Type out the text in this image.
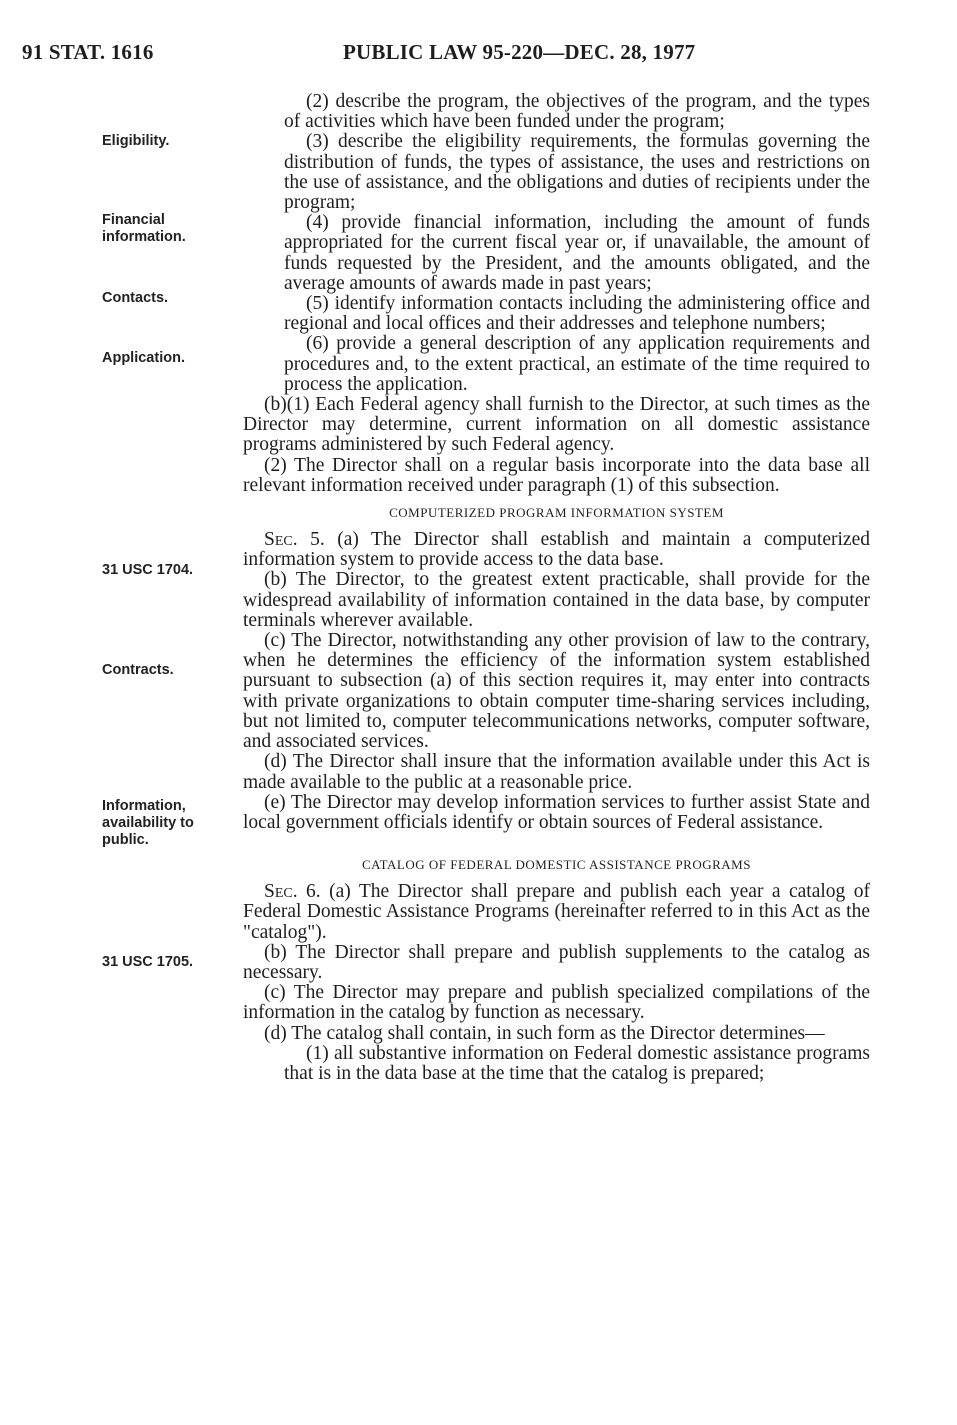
91 STAT. 1616	PUBLIC LAW 95-220—DEC. 28, 1977
Eligibility.
Financial
information.
Contacts.
Application.
31 USC 1704.
Contracts.
Information,
availability to
public.
31 USC 1705.

(2) describe the program, the objectives of the program, and the types of activities which have been funded under the program;

(3) describe the eligibility requirements, the formulas governing the distribution of funds, the types of assistance, the uses and restrictions on the use of assistance, and the obligations and duties of recipients under the program;

(4) provide financial information, including the amount of funds appropriated for the current fiscal year or, if unavailable, the amount of funds requested by the President, and the amounts obligated, and the average amounts of awards made in past years;

(5) identify information contacts including the administering office and regional and local offices and their addresses and telephone numbers;

(6) provide a general description of any application requirements and procedures and, to the extent practical, an estimate of the time required to process the application.

(b)(1) Each Federal agency shall furnish to the Director, at such times as the Director may determine, current information on all domestic assistance programs administered by such Federal agency.

(2) The Director shall on a regular basis incorporate into the data base all relevant information received under paragraph (1) of this subsection.

COMPUTERIZED PROGRAM INFORMATION SYSTEM

Sec. 5. (a) The Director shall establish and maintain a computerized information system to provide access to the data base.

(b) The Director, to the greatest extent practicable, shall provide for the widespread availability of information contained in the data base, by computer terminals wherever available.

(c) The Director, notwithstanding any other provision of law to the contrary, when he determines the efficiency of the information system established pursuant to subsection (a) of this section requires it, may enter into contracts with private organizations to obtain computer time-sharing services including, but not limited to, computer telecommunications networks, computer software, and associated services.

(d) The Director shall insure that the information available under this Act is made available to the public at a reasonable price.

(e) The Director may develop information services to further assist State and local government officials identify or obtain sources of Federal assistance.

CATALOG OF FEDERAL DOMESTIC ASSISTANCE PROGRAMS

Sec. 6. (a) The Director shall prepare and publish each year a catalog of Federal Domestic Assistance Programs (hereinafter referred to in this Act as the "catalog").

(b) The Director shall prepare and publish supplements to the catalog as necessary.

(c) The Director may prepare and publish specialized compilations of the information in the catalog by function as necessary.

(d) The catalog shall contain, in such form as the Director determines—

(1) all substantive information on Federal domestic assistance programs that is in the data base at the time that the catalog is prepared;
